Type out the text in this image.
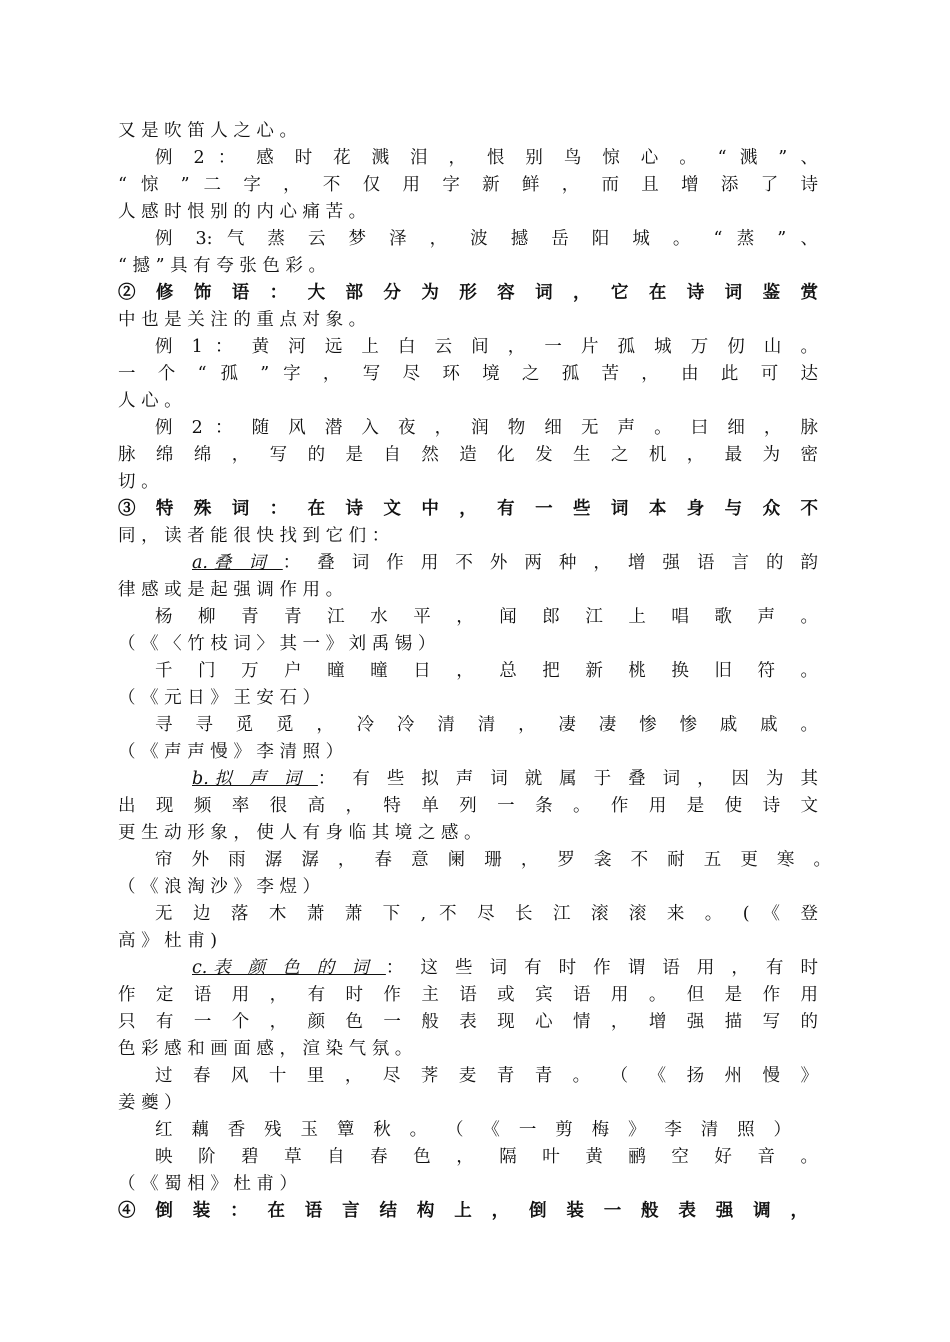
又 是 吹 笛 人 之 心 。
例 2 ： 感 时 花 溅 泪 ， 恨 别 鸟 惊 心 。 “ 溅 ” 、
“ 惊 ” 二 字 ， 不 仅 用 字 新 鲜 ， 而 且 增 添 了 诗
人 感 时 恨 别 的 内 心 痛 苦 。
例 3: 气 蒸 云 梦 泽 ， 波 撼 岳 阳 城 。 “ 蒸 ” 、
“ 撼 ” 具 有 夸 张 色 彩 。
② 修 饰 语 ： 大 部 分 为 形 容 词 ， 它 在 诗 词 鉴 赏
中 也 是 关 注 的 重 点 对 象 。
例 1 ： 黄 河 远 上 白 云 间 ， 一 片 孤 城 万 仞 山 。
一 个 “ 孤 ” 字 ， 写 尽 环 境 之 孤 苦 ， 由 此 可 达
人 心 。
例 2 ： 随 风 潜 入 夜 ， 润 物 细 无 声 。 曰 细 ， 脉
脉 绵 绵 ， 写 的 是 自 然 造 化 发 生 之 机 ， 最 为 密
切 。
③ 特 殊 词 ： 在 诗 文 中 ， 有 一 些 词 本 身 与 众 不
同 ， 读 者 能 很 快 找 到 它 们 ：
a.叠 词 ： 叠 词 作 用 不 外 两 种 ， 增 强 语 言 的 韵
律 感 或 是 起 强 调 作 用 。
杨 柳 青 青 江 水 平 ， 闻 郎 江 上 唱 歌 声 。
（ 《 〈 竹 枝 词 〉 其 一 》 刘 禹 锡 ）
千 门 万 户 曈 曈 日 ， 总 把 新 桃 换 旧 符 。
（ 《 元 日 》 王 安 石 ）
寻 寻 觅 觅 ， 冷 冷 清 清 ， 凄 凄 惨 惨 戚 戚 。
（ 《 声 声 慢 》 李 清 照 ）
b.拟 声 词 ： 有 些 拟 声 词 就 属 于 叠 词 ， 因 为 其
出 现 频 率 很 高 ， 特 单 列 一 条 。 作 用 是 使 诗 文
更 生 动 形 象 ， 使 人 有 身 临 其 境 之 感 。
帘 外 雨 潺 潺 ， 春 意 阑 珊 ， 罗 衾 不 耐 五 更 寒 。
（ 《 浪 淘 沙 》 李 煜 ）
无 边 落 木 萧 萧 下 , 不 尽 长 江 滚 滚 来 。 ( 《 登
高 》 杜 甫 )
c.表 颜 色 的 词 ： 这 些 词 有 时 作 谓 语 用 ， 有 时
作 定 语 用 ， 有 时 作 主 语 或 宾 语 用 。 但 是 作 用
只 有 一 个 ， 颜 色 一 般 表 现 心 情 ， 增 强 描 写 的
色 彩 感 和 画 面 感 ， 渲 染 气 氛 。
过 春 风 十 里 ， 尽 荠 麦 青 青 。 （ 《 扬 州 慢 》
姜 夔 ）
红 藕 香 残 玉 簟 秋 。 （ 《 一 剪 梅 》 李 清 照 ）
映 阶 碧 草 自 春 色 ， 隔 叶 黄 鹂 空 好 音 。
（ 《 蜀 相 》 杜 甫 ）
④ 倒 装 ： 在 语 言 结 构 上 ， 倒 装 一 般 表 强 调 ，
